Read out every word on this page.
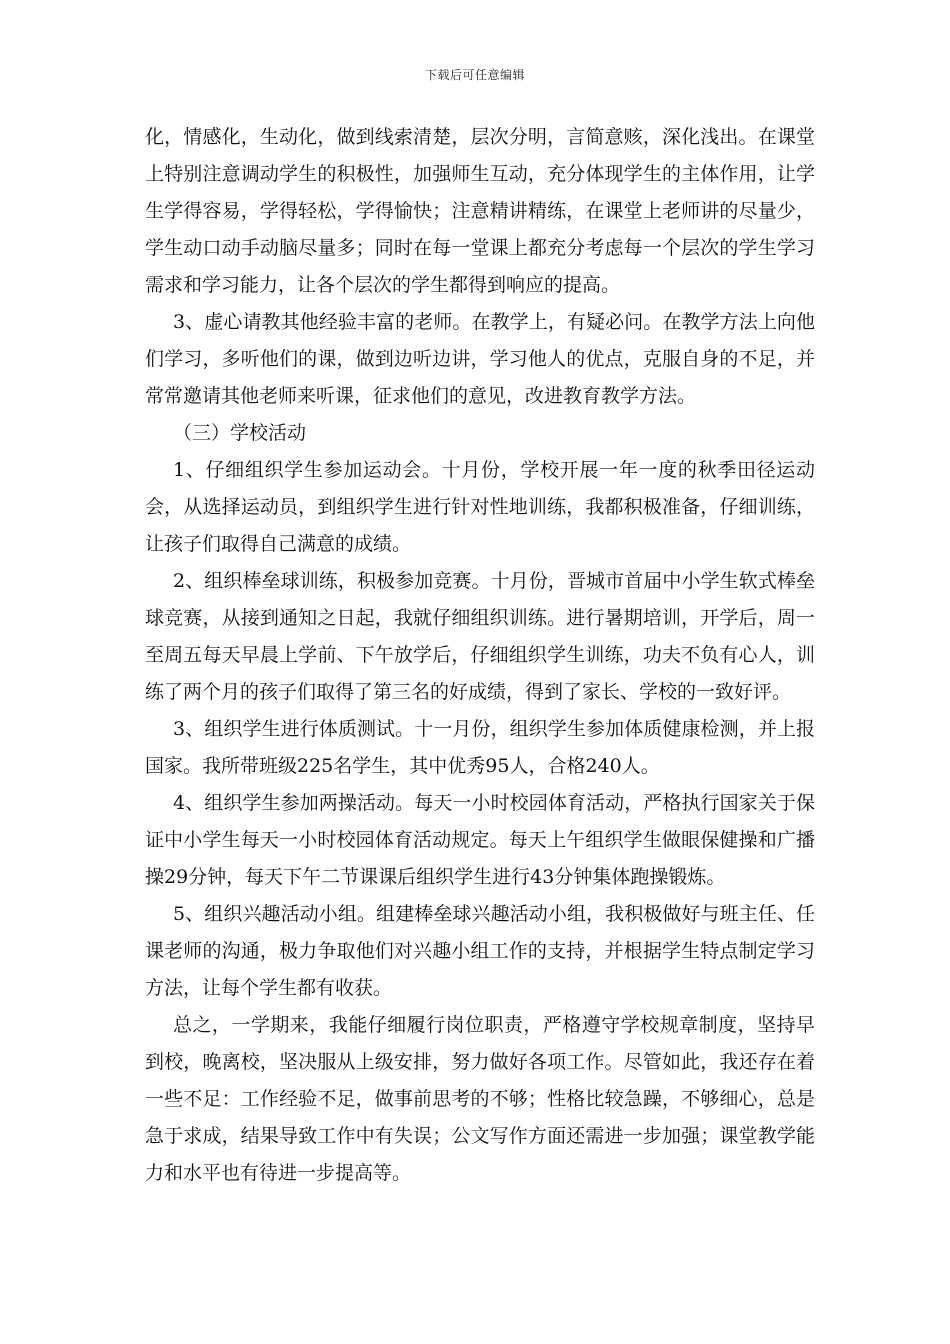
下载后可任意编辑

化，情感化，生动化，做到线索清楚，层次分明，言简意赅，深化浅出。在课堂上特别注意调动学生的积极性，加强师生互动，充分体现学生的主体作用，让学生学得容易，学得轻松，学得愉快；注意精讲精练，在课堂上老师讲的尽量少，学生动口动手动脑尽量多；同时在每一堂课上都充分考虑每一个层次的学生学习需求和学习能力，让各个层次的学生都得到响应的提高。

3、虚心请教其他经验丰富的老师。在教学上，有疑必问。在教学方法上向他们学习，多听他们的课，做到边听边讲，学习他人的优点，克服自身的不足，并常常邀请其他老师来听课，征求他们的意见，改进教育教学方法。

（三）学校活动

1、仔细组织学生参加运动会。十月份，学校开展一年一度的秋季田径运动会，从选择运动员，到组织学生进行针对性地训练，我都积极准备，仔细训练，让孩子们取得自己满意的成绩。

2、组织棒垒球训练，积极参加竞赛。十月份，晋城市首届中小学生软式棒垒球竞赛，从接到通知之日起，我就仔细组织训练。进行暑期培训，开学后，周一至周五每天早晨上学前、下午放学后，仔细组织学生训练，功夫不负有心人，训练了两个月的孩子们取得了第三名的好成绩，得到了家长、学校的一致好评。

3、组织学生进行体质测试。十一月份，组织学生参加体质健康检测，并上报国家。我所带班级225名学生，其中优秀95人，合格240人。

4、组织学生参加两操活动。每天一小时校园体育活动，严格执行国家关于保证中小学生每天一小时校园体育活动规定。每天上午组织学生做眼保健操和广播操29分钟，每天下午二节课课后组织学生进行43分钟集体跑操锻炼。

5、组织兴趣活动小组。组建棒垒球兴趣活动小组，我积极做好与班主任、任课老师的沟通，极力争取他们对兴趣小组工作的支持，并根据学生特点制定学习方法，让每个学生都有收获。

总之，一学期来，我能仔细履行岗位职责，严格遵守学校规章制度，坚持早到校，晚离校，坚决服从上级安排，努力做好各项工作。尽管如此，我还存在着一些不足：工作经验不足，做事前思考的不够；性格比较急躁，不够细心，总是急于求成，结果导致工作中有失误；公文写作方面还需进一步加强；课堂教学能力和水平也有待进一步提高等。
